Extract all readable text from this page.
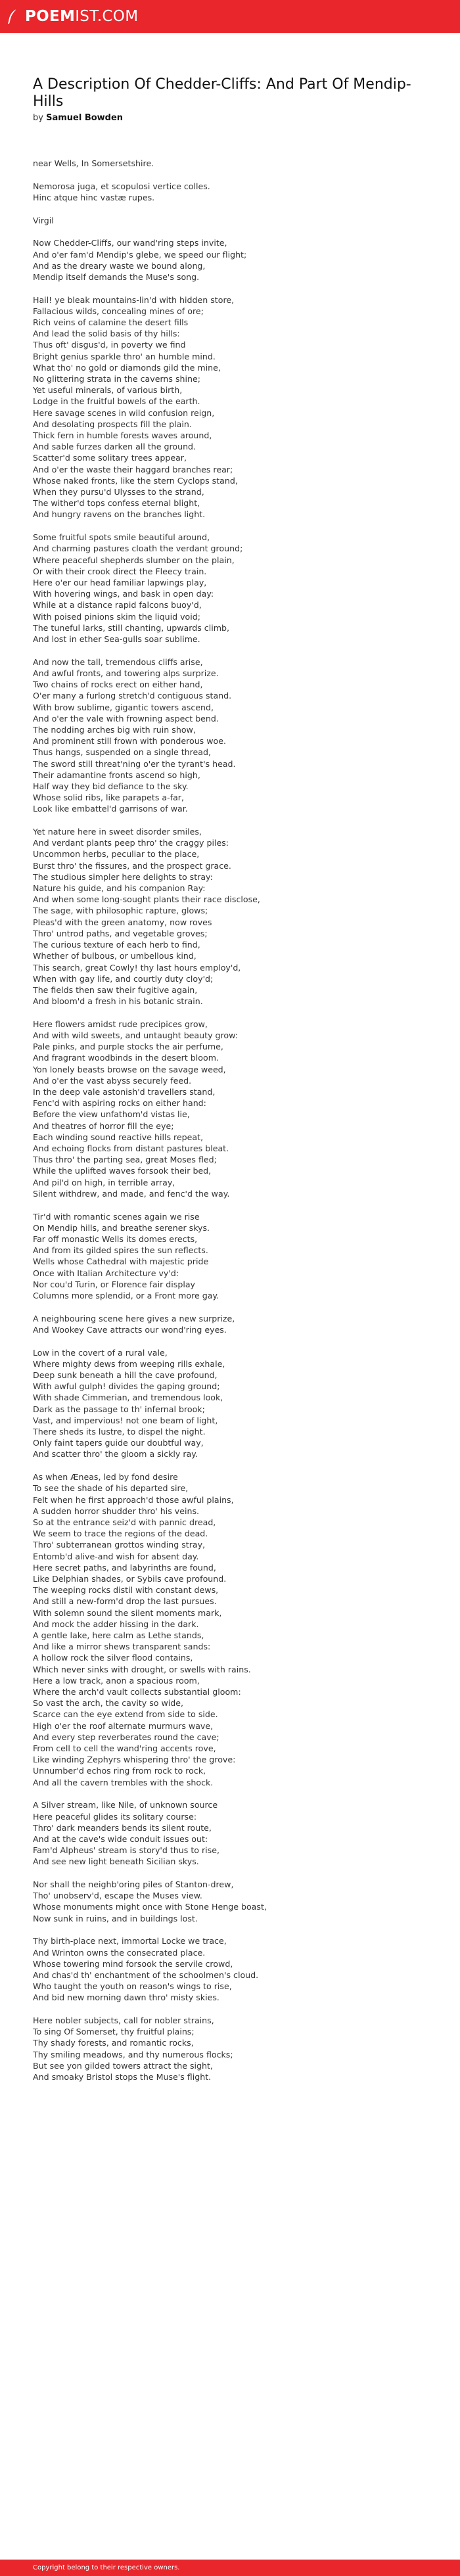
POEM IST.COM
A Description Of Chedder-Cliffs: And Part Of Mendip-Hills
by Samuel Bowden
near Wells, In Somersetshire.
Nemorosa juga, et scopulosi vertice colles.
Hinc atque hinc vastæ rupes.
Virgil
Now Chedder-Cliffs, our wand'ring steps invite,
And o'er fam'd Mendip's glebe, we speed our flight;
And as the dreary waste we bound along,
Mendip itself demands the Muse's song.
Hail! ye bleak mountains-lin'd with hidden store,
Fallacious wilds, concealing mines of ore;
Rich veins of calamine the desert fills
And lead the solid basis of thy hills:
Thus oft' disgus'd, in poverty we find
Bright genius sparkle thro' an humble mind.
What tho' no gold or diamonds gild the mine,
No glittering strata in the caverns shine;
Yet useful minerals, of various birth,
Lodge in the fruitful bowels of the earth.
Here savage scenes in wild confusion reign,
And desolating prospects fill the plain.
Thick fern in humble forests waves around,
And sable furzes darken all the ground.
Scatter'd some solitary trees appear,
And o'er the waste their haggard branches rear;
Whose naked fronts, like the stern Cyclops stand,
When they pursu'd Ulysses to the strand,
The wither'd tops confess eternal blight,
And hungry ravens on the branches light.
Some fruitful spots smile beautiful around,
And charming pastures cloath the verdant ground;
Where peaceful shepherds slumber on the plain,
Or with their crook direct the Fleecy train.
Here o'er our head familiar lapwings play,
With hovering wings, and bask in open day:
While at a distance rapid falcons buoy'd,
With poised pinions skim the liquid void;
The tuneful larks, still chanting, upwards climb,
And lost in ether Sea-gulls soar sublime.
And now the tall, tremendous cliffs arise,
And awful fronts, and towering alps surprize.
Two chains of rocks erect on either hand,
O'er many a furlong stretch'd contiguous stand.
With brow sublime, gigantic towers ascend,
And o'er the vale with frowning aspect bend.
The nodding arches big with ruin show,
And prominent still frown with ponderous woe.
Thus hangs, suspended on a single thread,
The sword still threat'ning o'er the tyrant's head.
Their adamantine fronts ascend so high,
Half way they bid defiance to the sky.
Whose solid ribs, like parapets a-far,
Look like embattel'd garrisons of war.
Yet nature here in sweet disorder smiles,
And verdant plants peep thro' the craggy piles:
Uncommon herbs, peculiar to the place,
Burst thro' the fissures, and the prospect grace.
The studious simpler here delights to stray:
Nature his guide, and his companion Ray:
And when some long-sought plants their race disclose,
The sage, with philosophic rapture, glows;
Pleas'd with the green anatomy, now roves
Thro' untrod paths, and vegetable groves;
The curious texture of each herb to find,
Whether of bulbous, or umbellous kind,
This search, great Cowly! thy last hours employ'd,
When with gay life, and courtly duty cloy'd;
The fields then saw their fugitive again,
And bloom'd a fresh in his botanic strain.
Here flowers amidst rude precipices grow,
And with wild sweets, and untaught beauty grow:
Pale pinks, and purple stocks the air perfume,
And fragrant woodbinds in the desert bloom.
Yon lonely beasts browse on the savage weed,
And o'er the vast abyss securely feed.
In the deep vale astonish'd travellers stand,
Fenc'd with aspiring rocks on either hand:
Before the view unfathom'd vistas lie,
And theatres of horror fill the eye;
Each winding sound reactive hills repeat,
And echoing flocks from distant pastures bleat.
Thus thro' the parting sea, great Moses fled;
While the uplifted waves forsook their bed,
And pil'd on high, in terrible array,
Silent withdrew, and made, and fenc'd the way.
Tir'd with romantic scenes again we rise
On Mendip hills, and breathe serener skys.
Far off monastic Wells its domes erects,
And from its gilded spires the sun reflects.
Wells whose Cathedral with majestic pride
Once with Italian Architecture vy'd:
Nor cou'd Turin, or Florence fair display
Columns more splendid, or a Front more gay.
A neighbouring scene here gives a new surprize,
And Wookey Cave attracts our wond'ring eyes.
Low in the covert of a rural vale,
Where mighty dews from weeping rills exhale,
Deep sunk beneath a hill the cave profound,
With awful gulph! divides the gaping ground;
With shade Cimmerian, and tremendous look,
Dark as the passage to th' infernal brook;
Vast, and impervious! not one beam of light,
There sheds its lustre, to dispel the night.
Only faint tapers guide our doubtful way,
And scatter thro' the gloom a sickly ray.
As when Æneas, led by fond desire
To see the shade of his departed sire,
Felt when he first approach'd those awful plains,
A sudden horror shudder thro' his veins.
So at the entrance seiz'd with pannic dread,
We seem to trace the regions of the dead.
Thro' subterranean grottos winding stray,
Entomb'd alive-and wish for absent day.
Here secret paths, and labyrinths are found,
Like Delphian shades, or Sybils cave profound.
The weeping rocks distil with constant dews,
And still a new-form'd drop the last pursues.
With solemn sound the silent moments mark,
And mock the adder hissing in the dark.
A gentle lake, here calm as Lethe stands,
And like a mirror shews transparent sands:
A hollow rock the silver flood contains,
Which never sinks with drought, or swells with rains.
Here a low track, anon a spacious room,
Where the arch'd vault collects substantial gloom:
So vast the arch, the cavity so wide,
Scarce can the eye extend from side to side.
High o'er the roof alternate murmurs wave,
And every step reverberates round the cave;
From cell to cell the wand'ring accents rove,
Like winding Zephyrs whispering thro' the grove:
Unnumber'd echos ring from rock to rock,
And all the cavern trembles with the shock.
A Silver stream, like Nile, of unknown source
Here peaceful glides its solitary course:
Thro' dark meanders bends its silent route,
And at the cave's wide conduit issues out:
Fam'd Alpheus' stream is story'd thus to rise,
And see new light beneath Sicilian skys.
Nor shall the neighb'oring piles of Stanton-drew,
Tho' unobserv'd, escape the Muses view.
Whose monuments might once with Stone Henge boast,
Now sunk in ruins, and in buildings lost.
Thy birth-place next, immortal Locke we trace,
And Wrinton owns the consecrated place.
Whose towering mind forsook the servile crowd,
And chas'd th' enchantment of the schoolmen's cloud.
Who taught the youth on reason's wings to rise,
And bid new morning dawn thro' misty skies.
Here nobler subjects, call for nobler strains,
To sing Of Somerset, thy fruitful plains;
Thy shady forests, and romantic rocks,
Thy smiling meadows, and thy numerous flocks;
But see yon gilded towers attract the sight,
And smoaky Bristol stops the Muse's flight.
Copyright belong to their respective owners.
